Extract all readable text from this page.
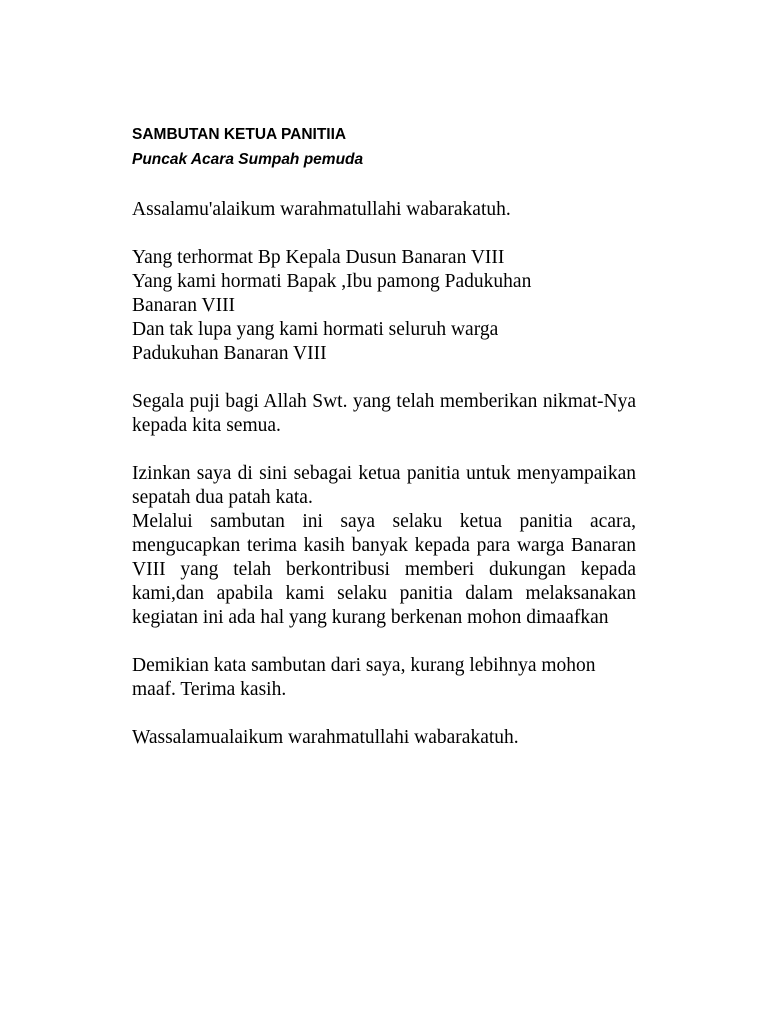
SAMBUTAN KETUA PANITIIA
Puncak Acara Sumpah pemuda

Assalamu'alaikum warahmatullahi wabarakatuh.

Yang terhormat Bp Kepala Dusun Banaran VIII

Yang kami hormati Bapak ,Ibu pamong Padukuhan Banaran VIII

Dan tak lupa yang kami hormati seluruh warga Padukuhan Banaran VIII

Segala puji bagi Allah Swt. yang telah memberikan nikmat-Nya kepada kita semua.

Izinkan saya di sini sebagai ketua panitia untuk menyampaikan sepatah dua patah kata.

Melalui sambutan ini saya selaku ketua panitia acara, mengucapkan terima kasih banyak kepada para warga Banaran VIII yang telah berkontribusi memberi dukungan kepada kami,dan apabila kami selaku panitia dalam melaksanakan kegiatan ini ada hal yang kurang berkenan mohon dimaafkan

Demikian kata sambutan dari saya, kurang lebihnya mohon maaf. Terima kasih.

Wassalamualaikum warahmatullahi wabarakatuh.
